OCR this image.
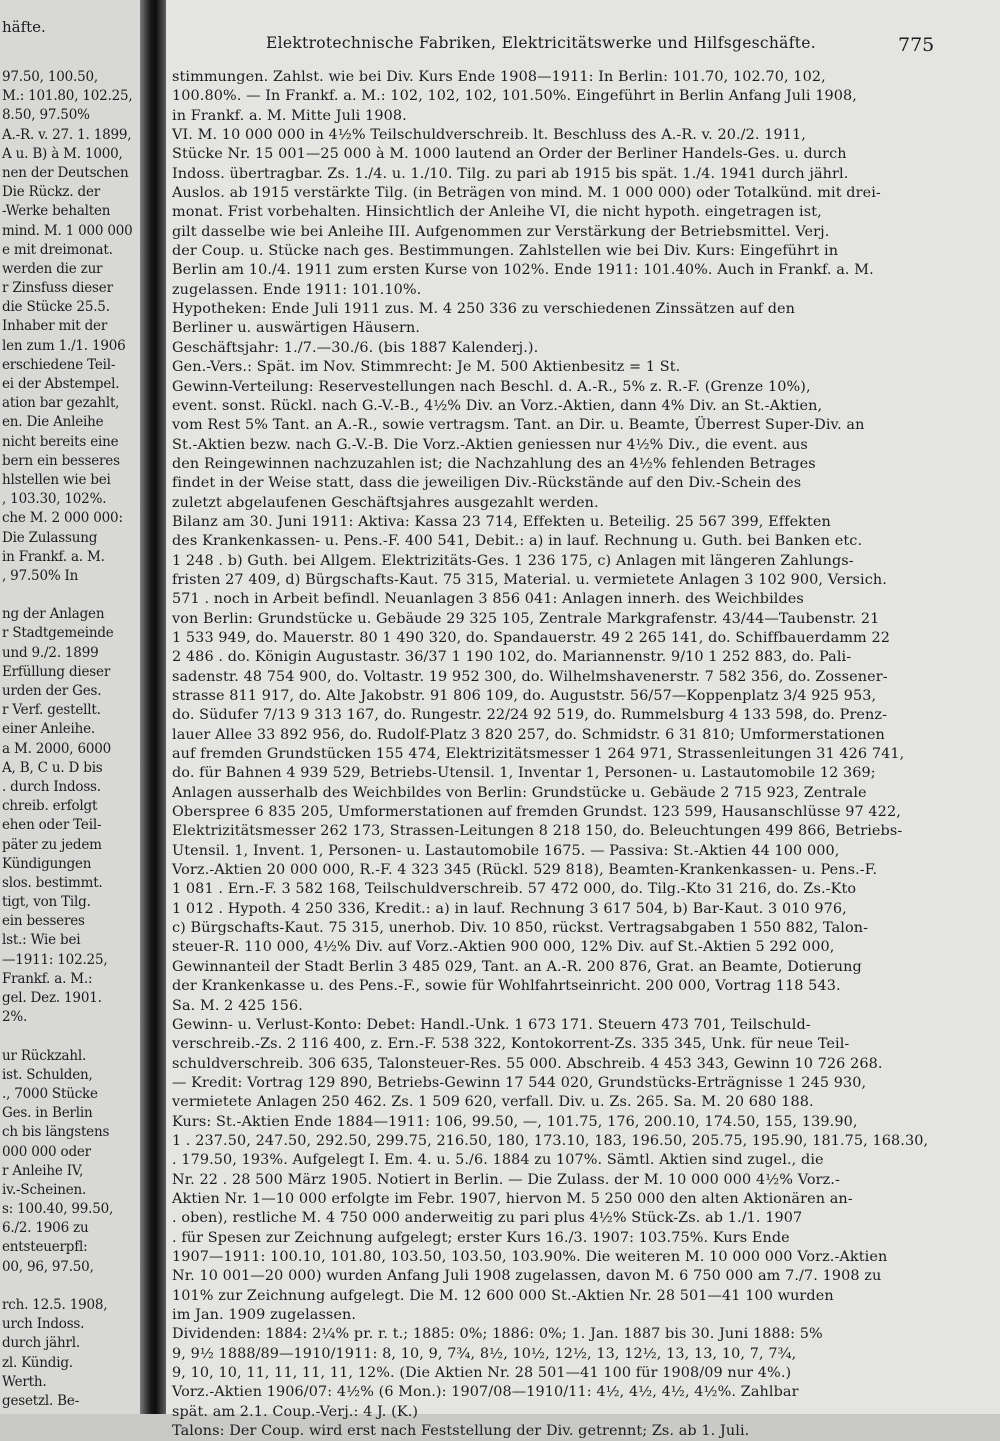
häfte.
97.50, 100.50,
M.: 101.80, 102.25,
8.50, 97.50%
A.-R. v. 27. 1. 1899,
A u. B) à M. 1000,
nen der Deutschen
Die Rückz. der
-Werke behalten
mind. M. 1 000 000
e mit dreimonat.
werden die zur
r Zinsfuss dieser
die Stücke 25.5.
Inhaber mit der
len zum 1./1. 1906
erschiedene Teil-
ei der Abstempel.
ation bar gezahlt,
en. Die Anleihe
nicht bereits eine
bern ein besseres
hlstellen wie bei
, 103.30, 102%.
che M. 2 000 000:
Die Zulassung
in Frankf. a. M.
, 97.50% In
ng der Anlagen
r Stadtgemeinde
und 9./2. 1899
Erfüllung dieser
urden der Ges.
r Verf. gestellt.
einer Anleihe.
a M. 2000, 6000
A, B, C u. D bis
. durch Indoss.
chreib. erfolgt
ehen oder Teil-
päter zu jedem
Kündigungen
slos. bestimmt.
tigt, von Tilg.
ein besseres
lst.: Wie bei
—1911: 102.25,
Frankf. a. M.:
gel. Dez. 1901.
2%.
ur Rückzahl.
ist. Schulden,
., 7000 Stücke
Ges. in Berlin
ch bis längstens
000 000 oder
r Anleihe IV,
iv.-Scheinen.
s: 100.40, 99.50,
6./2. 1906 zu
entsteuerpfl:
00, 96, 97.50,
rch. 12.5. 1908,
urch Indoss.
durch jährl.
zl. Kündig.
Werth.
gesetzl. Be-
Elektrotechnische Fabriken, Elektricitätswerke und Hilfsgeschäfte.	775
stimmungen. Zahlst. wie bei Div. Kurs Ende 1908—1911: In Berlin: 101.70, 102.70, 102,
100.80%. — In Frankf. a. M.: 102, 102, 102, 101.50%. Eingeführt in Berlin Anfang Juli 1908,
in Frankf. a. M. Mitte Juli 1908.
VI. M. 10 000 000 in 4½% Teilschuldverschreib. lt. Beschluss des A.-R. v. 20./2. 1911,
Stücke Nr. 15 001—25 000 à M. 1000 lautend an Order der Berliner Handels-Ges. u. durch
Indoss. übertragbar. Zs. 1./4. u. 1./10. Tilg. zu pari ab 1915 bis spät. 1./4. 1941 durch jährl.
Auslos. ab 1915 verstärkte Tilg. (in Beträgen von mind. M. 1 000 000) oder Totalkünd. mit drei-
monat. Frist vorbehalten. Hinsichtlich der Anleihe VI, die nicht hypoth. eingetragen ist,
gilt dasselbe wie bei Anleihe III. Aufgenommen zur Verstärkung der Betriebsmittel. Verj.
der Coup. u. Stücke nach ges. Bestimmungen. Zahlstellen wie bei Div. Kurs: Eingeführt in
Berlin am 10./4. 1911 zum ersten Kurse von 102%. Ende 1911: 101.40%. Auch in Frankf. a. M.
zugelassen. Ende 1911: 101.10%.
Hypotheken: Ende Juli 1911 zus. M. 4 250 336 zu verschiedenen Zinssätzen auf den
Berliner u. auswärtigen Häusern.
Geschäftsjahr: 1./7.—30./6. (bis 1887 Kalenderj.).
Gen.-Vers.: Spät. im Nov. Stimmrecht: Je M. 500 Aktienbesitz = 1 St.
Gewinn-Verteilung: Reservestellungen nach Beschl. d. A.-R., 5% z. R.-F. (Grenze 10%),
event. sonst. Rückl. nach G.-V.-B., 4½% Div. an Vorz.-Aktien, dann 4% Div. an St.-Aktien,
vom Rest 5% Tant. an A.-R., sowie vertragsm. Tant. an Dir. u. Beamte, Überrest Super-Div. an
St.-Aktien bezw. nach G.-V.-B. Die Vorz.-Aktien geniessen nur 4½% Div., die event. aus
den Reingewinnen nachzuzahlen ist; die Nachzahlung des an 4½% fehlenden Betrages
findet in der Weise statt, dass die jeweiligen Div.-Rückstände auf den Div.-Schein des
zuletzt abgelaufenen Geschäftsjahres ausgezahlt werden.
Bilanz am 30. Juni 1911: Aktiva: Kassa 23 714, Effekten u. Beteilig. 25 567 399, Effekten
des Krankenkassen- u. Pens.-F. 400 541, Debit.: a) in lauf. Rechnung u. Guth. bei Banken etc.
1 248 . b) Guth. bei Allgem. Elektrizitäts-Ges. 1 236 175, c) Anlagen mit längeren Zahlungs-
fristen 27 409, d) Bürgschafts-Kaut. 75 315, Material. u. vermietete Anlagen 3 102 900, Versich.
571 . noch in Arbeit befindl. Neuanlagen 3 856 041: Anlagen innerh. des Weichbildes
von Berlin: Grundstücke u. Gebäude 29 325 105, Zentrale Markgrafenstr. 43/44—Taubenstr. 21
1 533 949, do. Mauerstr. 80 1 490 320, do. Spandauerstr. 49 2 265 141, do. Schiffbauerdamm 22
2 486 . do. Königin Augustastr. 36/37 1 190 102, do. Mariannenstr. 9/10 1 252 883, do. Pali-
sadenstr. 48 754 900, do. Voltastr. 19 952 300, do. Wilhelmshavenerstr. 7 582 356, do. Zossener-
strasse 811 917, do. Alte Jakobstr. 91 806 109, do. Auguststr. 56/57—Koppenplatz 3/4 925 953,
do. Südufer 7/13 9 313 167, do. Rungestr. 22/24 92 519, do. Rummelsburg 4 133 598, do. Prenz-
lauer Allee 33 892 956, do. Rudolf-Platz 3 820 257, do. Schmidstr. 6 31 810; Umformerstationen
auf fremden Grundstücken 155 474, Elektrizitätsmesser 1 264 971, Strassenleitungen 31 426 741,
do. für Bahnen 4 939 529, Betriebs-Utensil. 1, Inventar 1, Personen- u. Lastautomobile 12 369;
Anlagen ausserhalb des Weichbildes von Berlin: Grundstücke u. Gebäude 2 715 923, Zentrale
Oberspree 6 835 205, Umformerstationen auf fremden Grundst. 123 599, Hausanschlüsse 97 422,
Elektrizitätsmesser 262 173, Strassen-Leitungen 8 218 150, do. Beleuchtungen 499 866, Betriebs-
Utensil. 1, Invent. 1, Personen- u. Lastautomobile 1675. — Passiva: St.-Aktien 44 100 000,
Vorz.-Aktien 20 000 000, R.-F. 4 323 345 (Rückl. 529 818), Beamten-Krankenkassen- u. Pens.-F.
1 081 . Ern.-F. 3 582 168, Teilschuldverschreib. 57 472 000, do. Tilg.-Kto 31 216, do. Zs.-Kto
1 012 . Hypoth. 4 250 336, Kredit.: a) in lauf. Rechnung 3 617 504, b) Bar-Kaut. 3 010 976,
c) Bürgschafts-Kaut. 75 315, unerhob. Div. 10 850, rückst. Vertragsabgaben 1 550 882, Talon-
steuer-R. 110 000, 4½% Div. auf Vorz.-Aktien 900 000, 12% Div. auf St.-Aktien 5 292 000,
Gewinnanteil der Stadt Berlin 3 485 029, Tant. an A.-R. 200 876, Grat. an Beamte, Dotierung
der Krankenkasse u. des Pens.-F., sowie für Wohlfahrtseinricht. 200 000, Vortrag 118 543.
Sa. M. 2 425 156.
Gewinn- u. Verlust-Konto: Debet: Handl.-Unk. 1 673 171. Steuern 473 701, Teilschuld-
verschreib.-Zs. 2 116 400, z. Ern.-F. 538 322, Kontokorrent-Zs. 335 345, Unk. für neue Teil-
schuldverschreib. 306 635, Talonsteuer-Res. 55 000. Abschreib. 4 453 343, Gewinn 10 726 268.
— Kredit: Vortrag 129 890, Betriebs-Gewinn 17 544 020, Grundstücks-Erträgnisse 1 245 930,
vermietete Anlagen 250 462. Zs. 1 509 620, verfall. Div. u. Zs. 265. Sa. M. 20 680 188.
Kurs: St.-Aktien Ende 1884—1911: 106, 99.50, —, 101.75, 176, 200.10, 174.50, 155, 139.90,
1 . 237.50, 247.50, 292.50, 299.75, 216.50, 180, 173.10, 183, 196.50, 205.75, 195.90, 181.75, 168.30,
. 179.50, 193%. Aufgelegt I. Em. 4. u. 5./6. 1884 zu 107%. Sämtl. Aktien sind zugel., die
Nr. 22 . 28 500 März 1905. Notiert in Berlin. — Die Zulass. der M. 10 000 000 4½% Vorz.-
Aktien Nr. 1—10 000 erfolgte im Febr. 1907, hiervon M. 5 250 000 den alten Aktionären an-
. oben), restliche M. 4 750 000 anderweitig zu pari plus 4½% Stück-Zs. ab 1./1. 1907
. für Spesen zur Zeichnung aufgelegt; erster Kurs 16./3. 1907: 103.75%. Kurs Ende
1907—1911: 100.10, 101.80, 103.50, 103.50, 103.90%. Die weiteren M. 10 000 000 Vorz.-Aktien
Nr. 10 001—20 000) wurden Anfang Juli 1908 zugelassen, davon M. 6 750 000 am 7./7. 1908 zu
101% zur Zeichnung aufgelegt. Die M. 12 600 000 St.-Aktien Nr. 28 501—41 100 wurden
im Jan. 1909 zugelassen.
Dividenden: 1884: 2¼% pr. r. t.; 1885: 0%; 1886: 0%; 1. Jan. 1887 bis 30. Juni 1888: 5%
9, 9½ 1888/89—1910/1911: 8, 10, 9, 7¾, 8½, 10½, 12½, 13, 12½, 13, 13, 10, 7, 7¾,
9, 10, 10, 11, 11, 11, 11, 12%. (Die Aktien Nr. 28 501—41 100 für 1908/09 nur 4%.)
Vorz.-Aktien 1906/07: 4½% (6 Mon.): 1907/08—1910/11: 4½, 4½, 4½, 4½%. Zahlbar
spät. am 2.1. Coup.-Verj.: 4 J. (K.)
Talons: Der Coup. wird erst nach Feststellung der Div. getrennt; Zs. ab 1. Juli.
